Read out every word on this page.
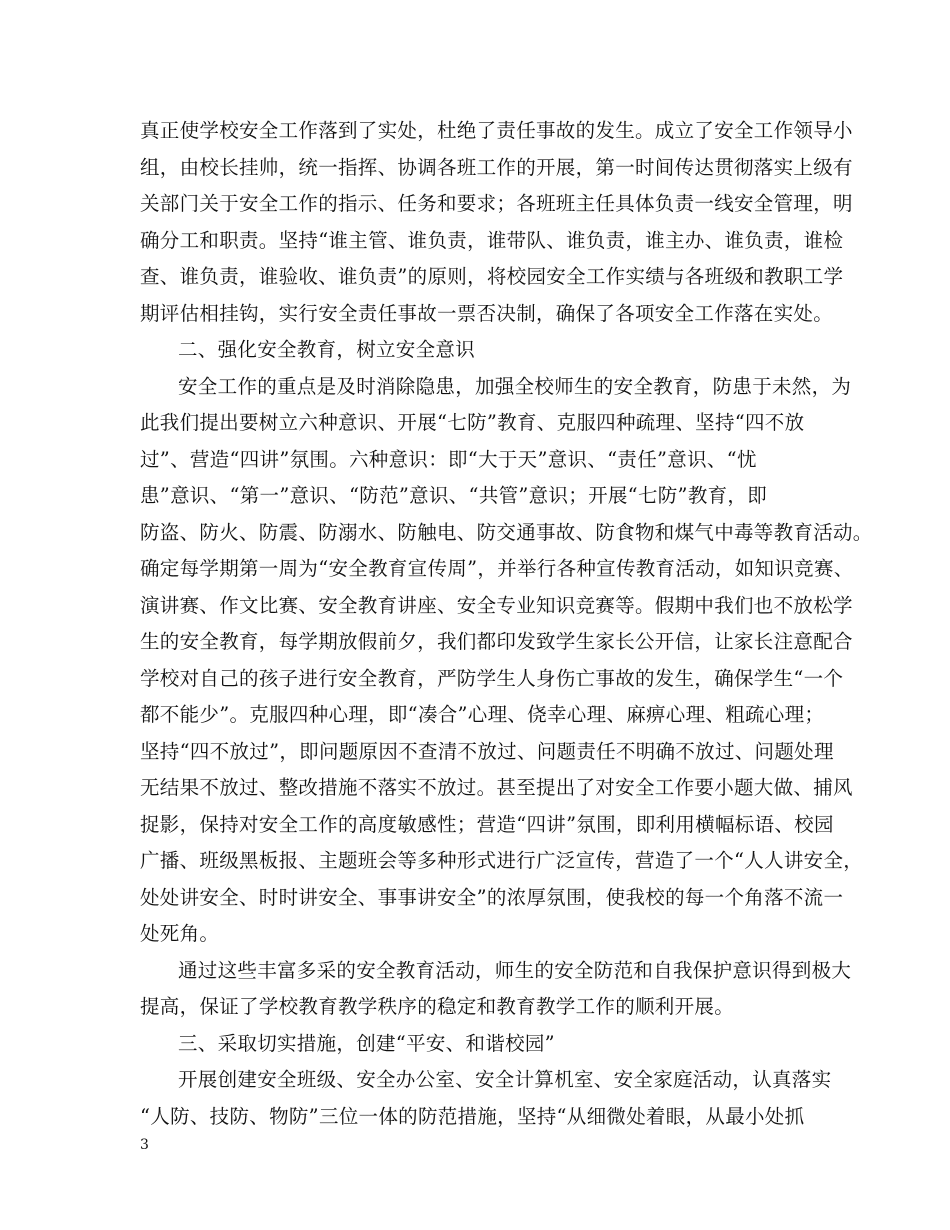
真正使学校安全工作落到了实处，杜绝了责任事故的发生。成立了安全工作领导小
组，由校长挂帅，统一指挥、协调各班工作的开展，第一时间传达贯彻落实上级有
关部门关于安全工作的指示、任务和要求；各班班主任具体负责一线安全管理，明
确分工和职责。坚持“谁主管、谁负责，谁带队、谁负责，谁主办、谁负责，谁检
查、谁负责，谁验收、谁负责”的原则，将校园安全工作实绩与各班级和教职工学
期评估相挂钩，实行安全责任事故一票否决制，确保了各项安全工作落在实处。
二、强化安全教育，树立安全意识
安全工作的重点是及时消除隐患，加强全校师生的安全教育，防患于未然，为
此我们提出要树立六种意识、开展“七防”教育、克服四种疏理、坚持“四不放
过”、营造“四讲”氛围。六种意识：即“大于天”意识、“责任”意识、“忧
患”意识、“第一”意识、“防范”意识、“共管”意识；开展“七防”教育，即
防盗、防火、防震、防溺水、防触电、防交通事故、防食物和煤气中毒等教育活动。
确定每学期第一周为“安全教育宣传周”，并举行各种宣传教育活动，如知识竞赛、
演讲赛、作文比赛、安全教育讲座、安全专业知识竞赛等。假期中我们也不放松学
生的安全教育，每学期放假前夕，我们都印发致学生家长公开信，让家长注意配合
学校对自己的孩子进行安全教育，严防学生人身伤亡事故的发生，确保学生“一个
都不能少”。克服四种心理，即“凑合”心理、侥幸心理、麻痹心理、粗疏心理；
坚持“四不放过”，即问题原因不查清不放过、问题责任不明确不放过、问题处理
无结果不放过、整改措施不落实不放过。甚至提出了对安全工作要小题大做、捕风
捉影，保持对安全工作的高度敏感性；营造“四讲”氛围，即利用横幅标语、校园
广播、班级黑板报、主题班会等多种形式进行广泛宣传，营造了一个“人人讲安全，
处处讲安全、时时讲安全、事事讲安全”的浓厚氛围，使我校的每一个角落不流一
处死角。
通过这些丰富多采的安全教育活动，师生的安全防范和自我保护意识得到极大
提高，保证了学校教育教学秩序的稳定和教育教学工作的顺利开展。
三、采取切实措施，创建“平安、和谐校园”
开展创建安全班级、安全办公室、安全计算机室、安全家庭活动，认真落实
“人防、技防、物防”三位一体的防范措施，坚持“从细微处着眼，从最小处抓
3
